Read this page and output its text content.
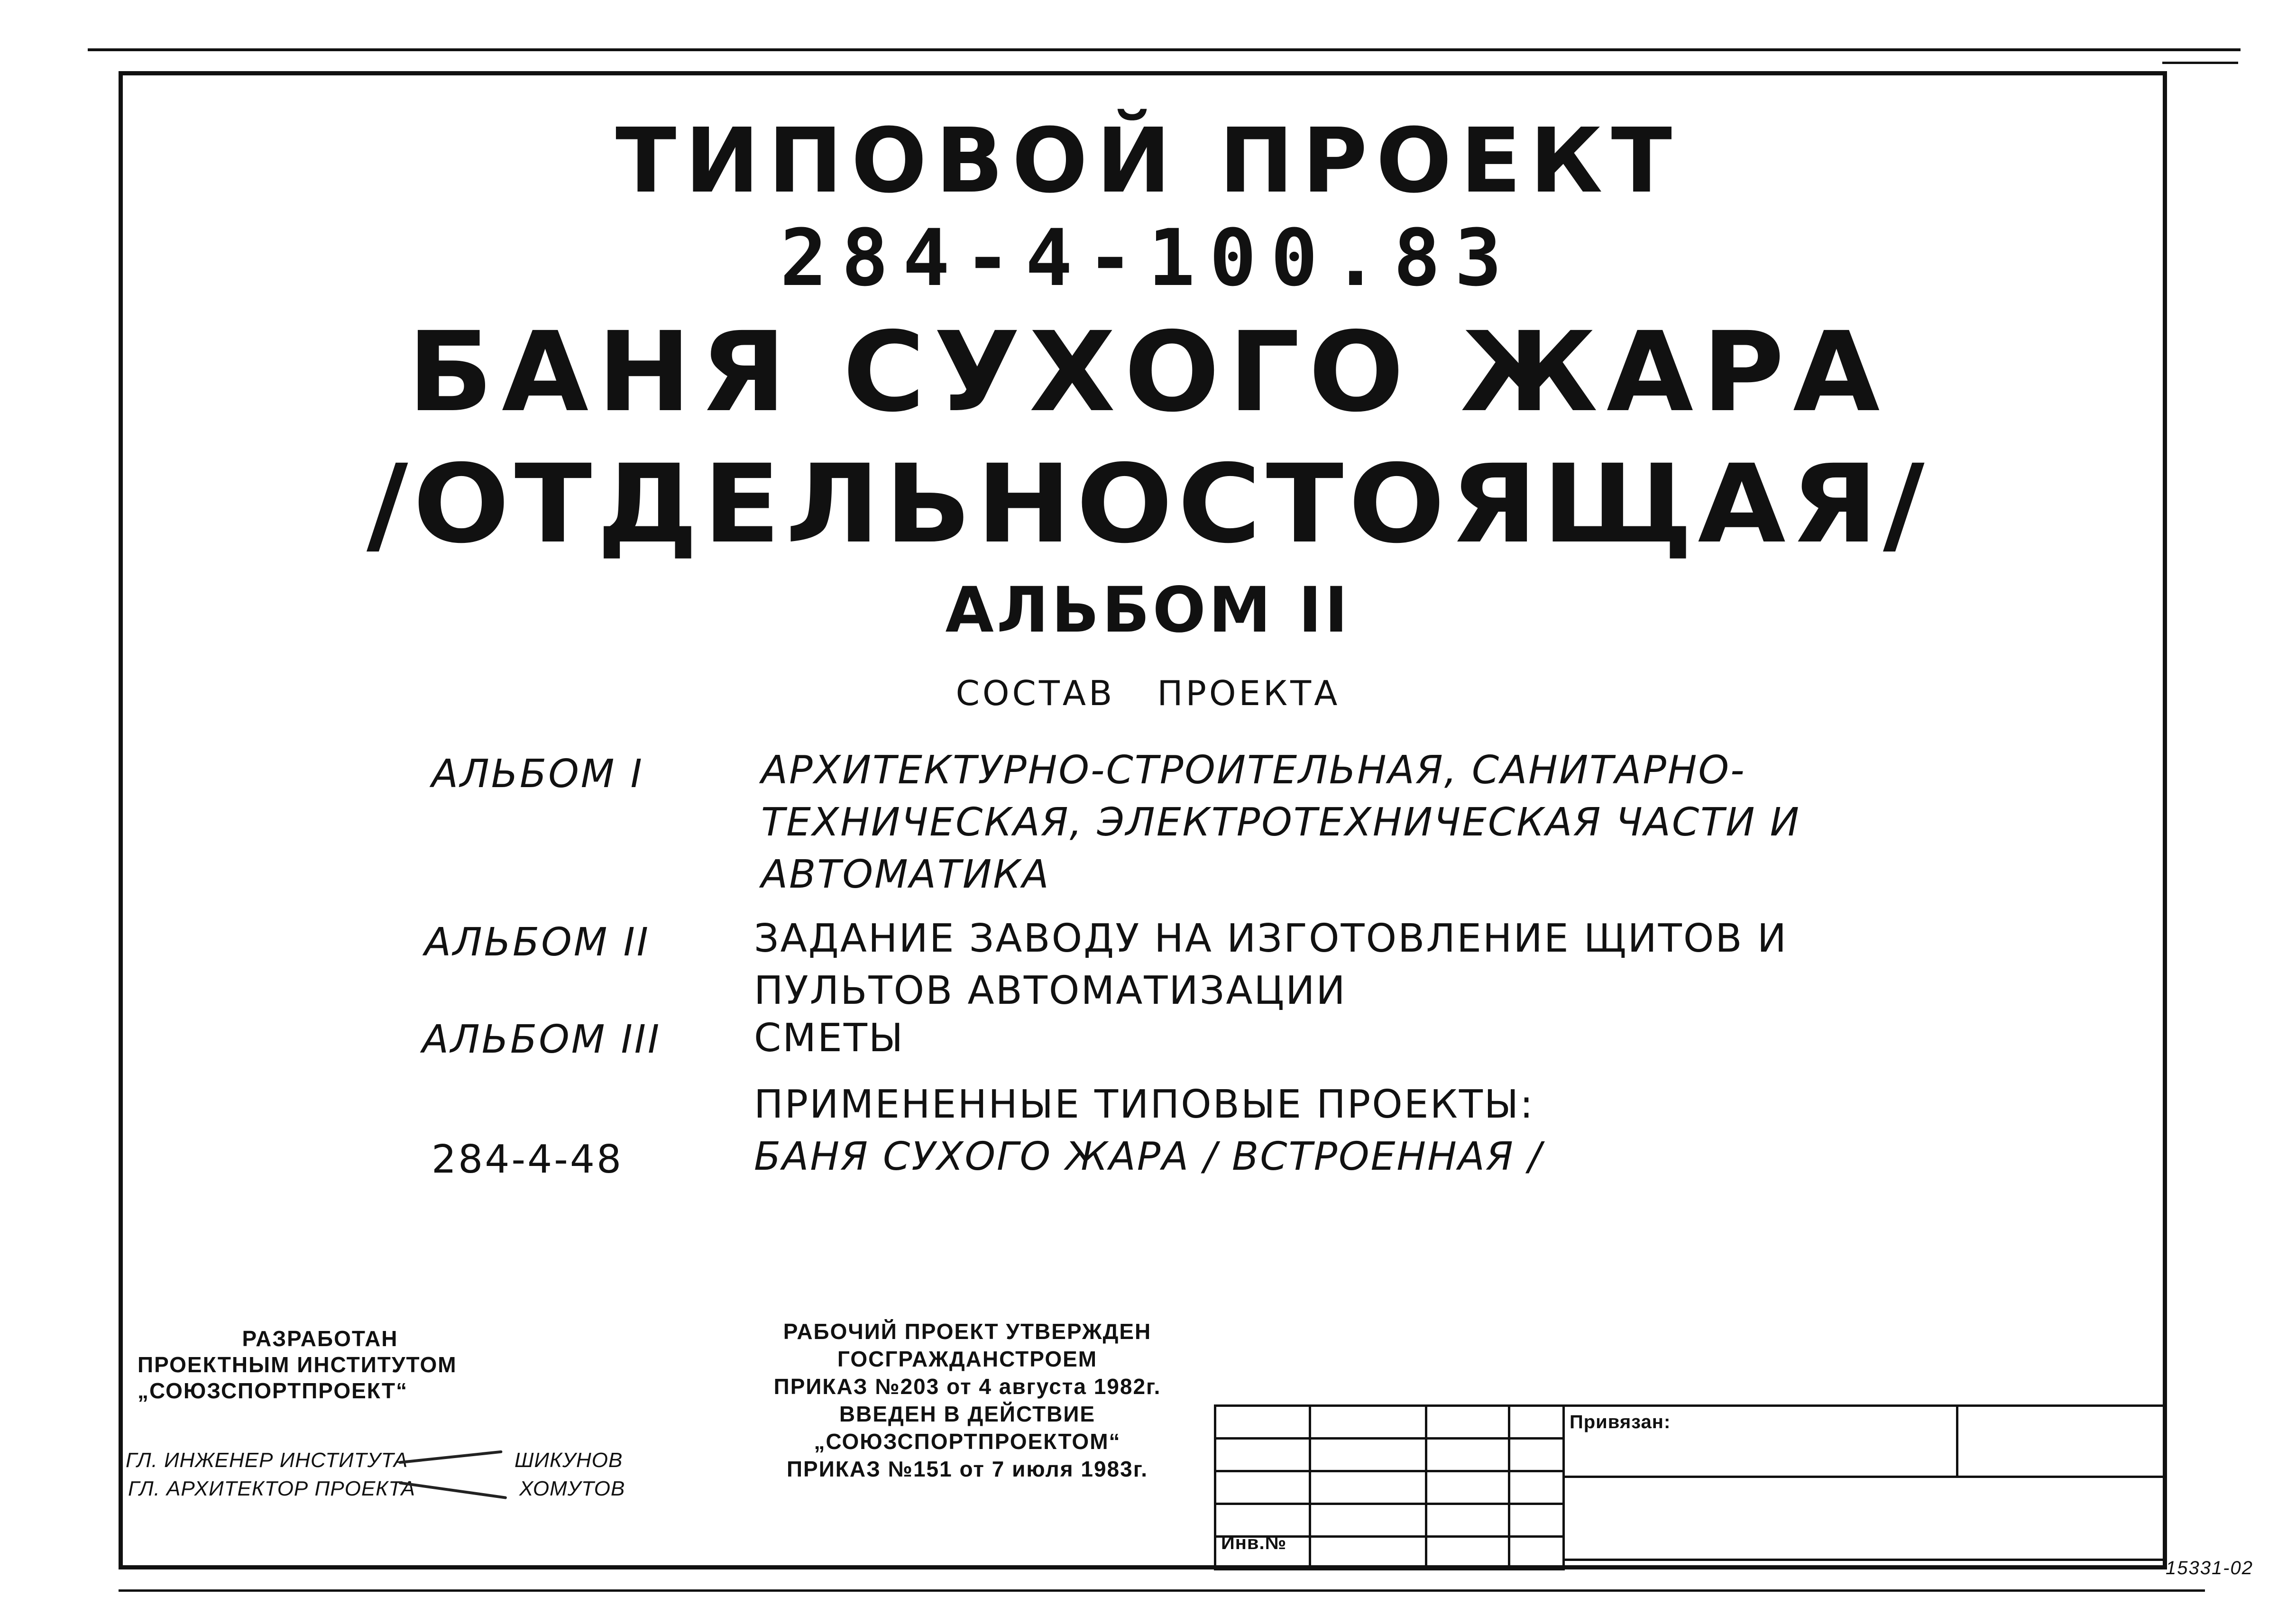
ТИПОВОЙ ПРОЕКТ
284-4-100.83
БАНЯ СУХОГО ЖАРА
/ОТДЕЛЬНОСТОЯЩАЯ/
АЛЬБОМ II
СОСТАВ ПРОЕКТА
АЛЬБОМ I	АРХИТЕКТУРНО-СТРОИТЕЛЬНАЯ, САНИТАРНО-
ТЕХНИЧЕСКАЯ, ЭЛЕКТРОТЕХНИЧЕСКАЯ ЧАСТИ И
АВТОМАТИКА
АЛЬБОМ II	ЗАДАНИЕ ЗАВОДУ НА ИЗГОТОВЛЕНИЕ ЩИТОВ И
ПУЛЬТОВ АВТОМАТИЗАЦИИ
АЛЬБОМ III СМЕТЫ
ПРИМЕНЕННЫЕ ТИПОВЫЕ ПРОЕКТЫ:
284-4-48	БАНЯ СУХОГО ЖАРА / ВСТРОЕННАЯ /
РАЗРАБОТАН
ПРОЕКТНЫМ ИНСТИТУТОМ
„СОЮЗСПОРТПРОЕКТ“
ГЛ. ИНЖЕНЕР ИНСТИТУТА	ШИКУНОВ
ГЛ. АРХИТЕКТОР ПРОЕКТА	ХОМУТОВ
РАБОЧИЙ ПРОЕКТ УТВЕРЖДЕН
ГОСГРАЖДАНСТРОЕМ
ПРИКАЗ №203 от 4 августа 1982г.
ВВЕДЕН В ДЕЙСТВИЕ
„СОЮЗСПОРТПРОЕКТОМ“
ПРИКАЗ №151 от 7 июля 1983г.

Инв.№
Привязан:
15331-02
